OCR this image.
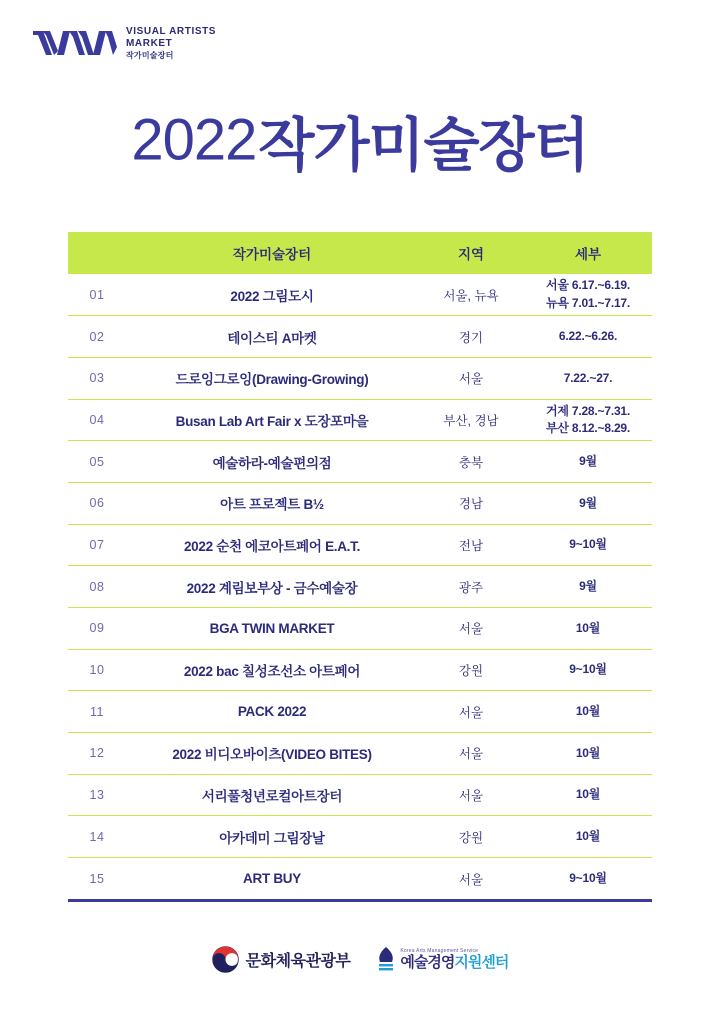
VISUAL ARTISTS
MARKET
작가미술장터
2022작가미술장터
	작가미술장터	지역	세부
01	2022 그림도시	서울, 뉴욕	서울 6.17.~6.19.
뉴욕 7.01.~7.17.

02	테이스티 A마켓	경기	6.22.~6.26.

03	드로잉그로잉(Drawing-Growing)	서울	7.22.~27.

04	Busan Lab Art Fair x 도장포마을	부산, 경남	거제 7.28.~7.31.
부산 8.12.~8.29.

05	예술하라-예술편의점	충북	9월

06	아트 프로젝트 B½	경남	9월

07	2022 순천 에코아트페어 E.A.T.	전남	9~10월

08	2022 계림보부상 - 금수예술장	광주	9월

09	BGA TWIN MARKET	서울	10월

10	2022 bac 칠성조선소 아트페어	강원	9~10월

11	PACK 2022	서울	10월

12	2022 비디오바이츠(VIDEO BITES)	서울	10월

13	서리풀청년로컬아트장터	서울	10월

14	아카데미 그림장날	강원	10월

15	ART BUY	서울	9~10월
문화체육관광부
Korea Arts Management Service
예술경영지원센터
